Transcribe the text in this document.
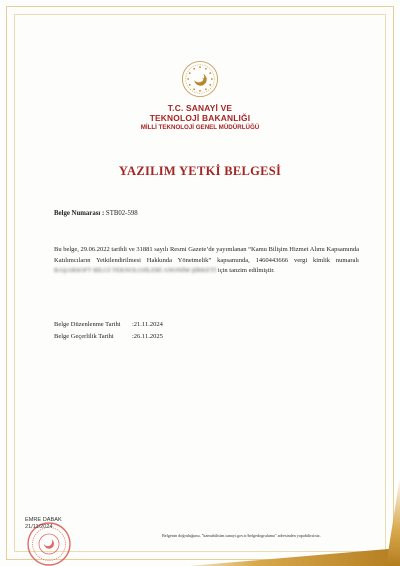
T.C. SANAYİ VE
TEKNOLOJİ BAKANLIĞI
MİLLİ TEKNOLOJİ GENEL MÜDÜRLÜĞÜ
YAZILIM YETKİ BELGESİ
Belge Numarası : STB02-598
Bu belge, 29.06.2022 tarihli ve 31881 sayılı Resmi Gazete’de yayımlanan “Kamu Bilişim Hizmet Alımı Kapsamında Katılımcıların Yetkilendirilmesi Hakkında Yönetmelik” kapsamında, 1460443666 vergi kimlik numaralı BAŞARSOFT BİLGİ TEKNOLOJİLERİ ANONİM ŞİRKETİ için tanzim edilmiştir.
Belge Düzenlenme Tarihi :21.11.2024
Belge Geçerlilik Tarihi	:26.11.2025
EMRE DABAK
21/11/2024
Belgenin doğruluğunu, "kamubilisim.sanayi.gov.tr/belgedogrulama" adresinden yapabilirsiniz.
